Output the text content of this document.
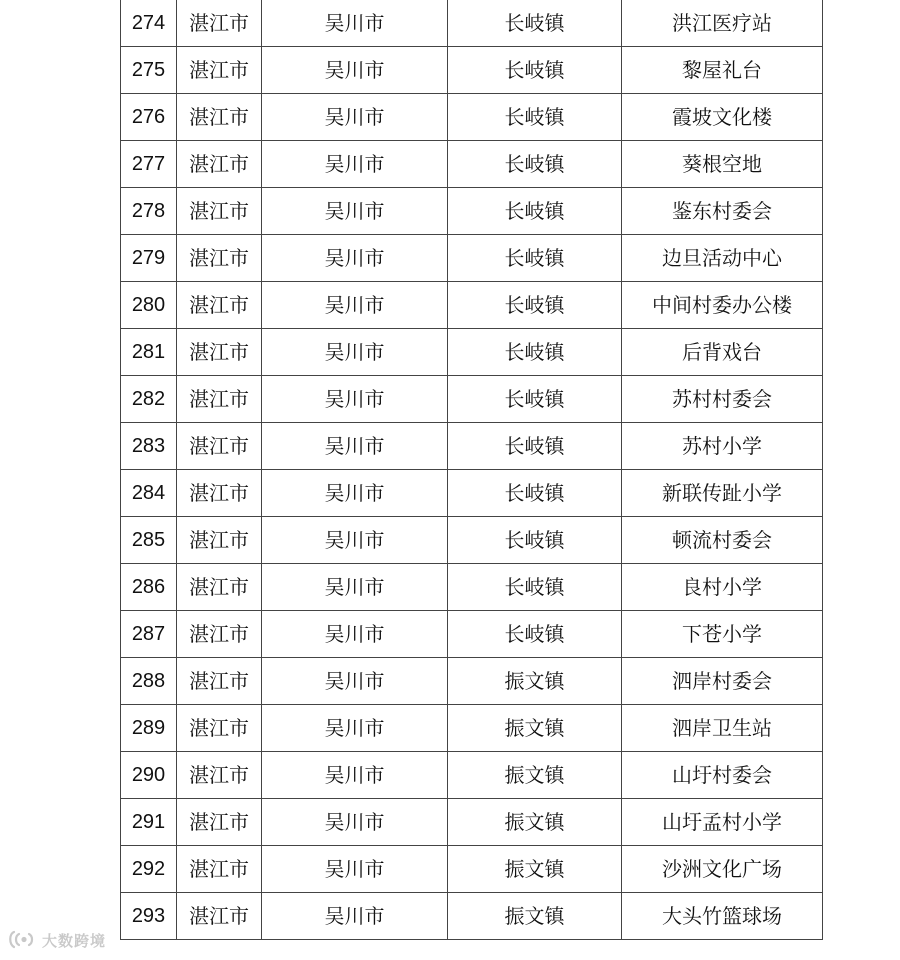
274	湛江市	吴川市	长岐镇	洪江医疗站
275	湛江市	吴川市	长岐镇	黎屋礼台
276	湛江市	吴川市	长岐镇	霞坡文化楼
277	湛江市	吴川市	长岐镇	葵根空地
278	湛江市	吴川市	长岐镇	鉴东村委会
279	湛江市	吴川市	长岐镇	边旦活动中心
280	湛江市	吴川市	长岐镇	中间村委办公楼
281	湛江市	吴川市	长岐镇	后背戏台
282	湛江市	吴川市	长岐镇	苏村村委会
283	湛江市	吴川市	长岐镇	苏村小学
284	湛江市	吴川市	长岐镇	新联传趾小学
285	湛江市	吴川市	长岐镇	顿流村委会
286	湛江市	吴川市	长岐镇	良村小学
287	湛江市	吴川市	长岐镇	下苍小学
288	湛江市	吴川市	振文镇	泗岸村委会
289	湛江市	吴川市	振文镇	泗岸卫生站
290	湛江市	吴川市	振文镇	山圩村委会
291	湛江市	吴川市	振文镇	山圩孟村小学
292	湛江市	吴川市	振文镇	沙洲文化广场
293	湛江市	吴川市	振文镇	大头竹篮球场
大数跨境
